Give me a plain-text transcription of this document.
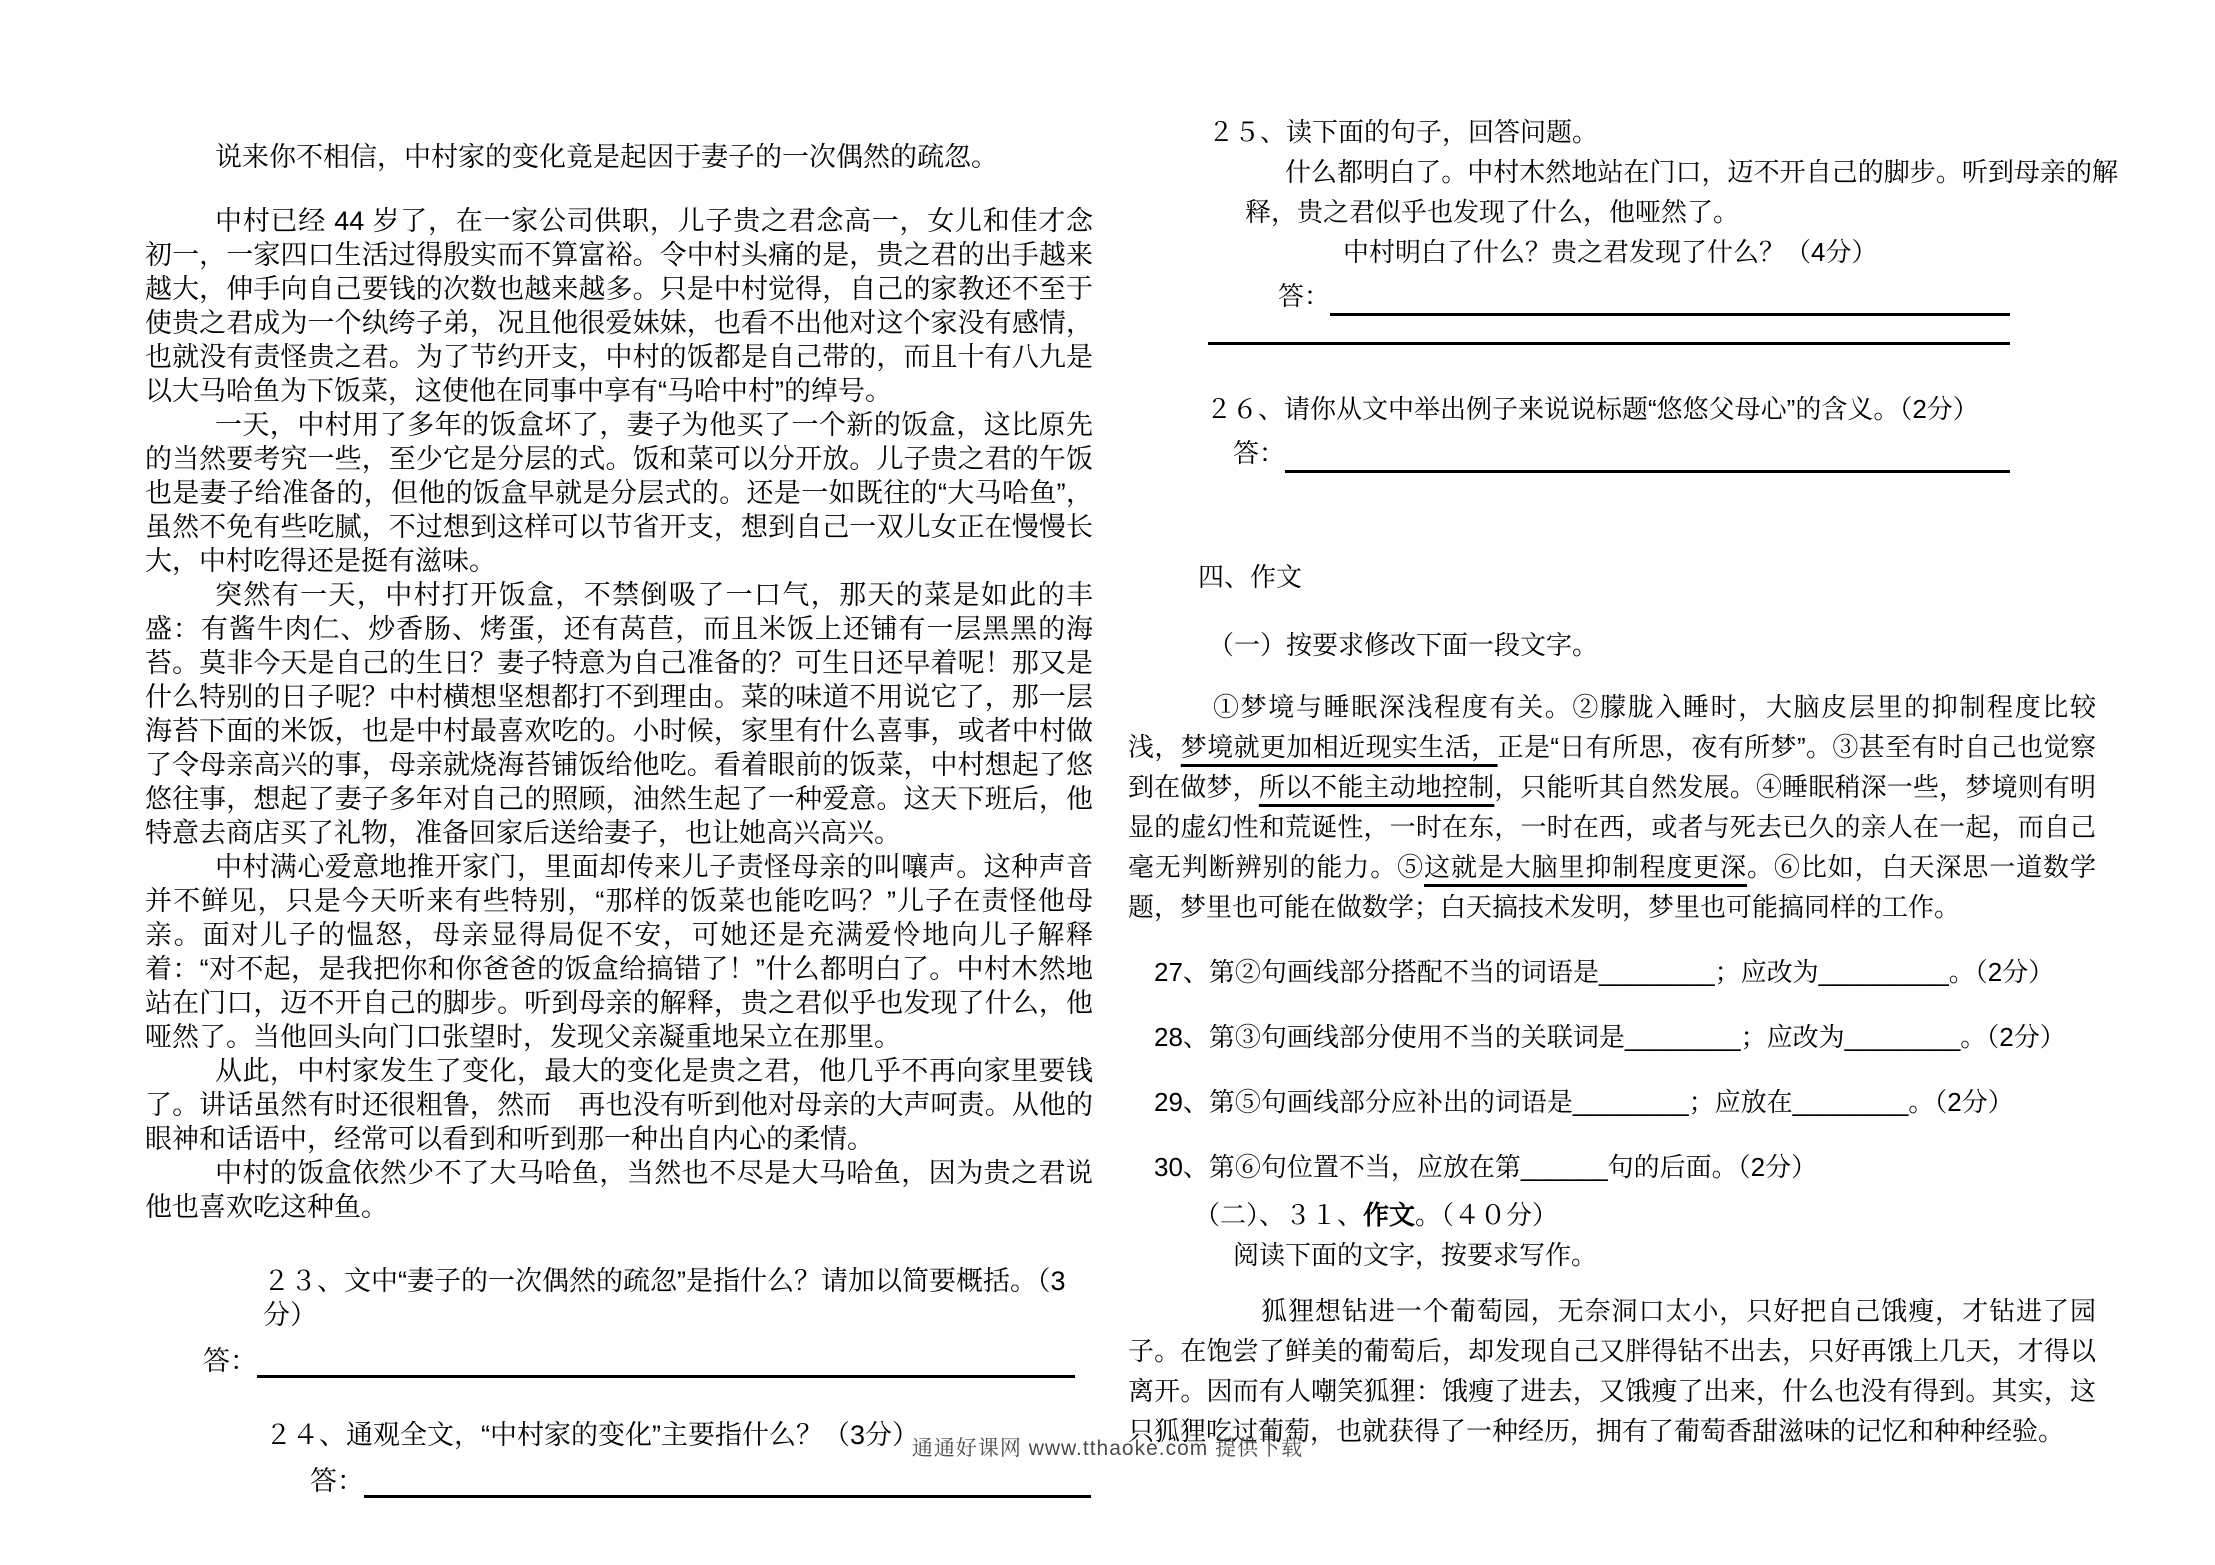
说来你不相信，中村家的变化竟是起因于妻子的一次偶然的疏忽。

中村已经 44 岁了，在一家公司供职，儿子贵之君念高一，女儿和佳才念初一，一家四口生活过得殷实而不算富裕。令中村头痛的是，贵之君的出手越来越大，伸手向自己要钱的次数也越来越多。只是中村觉得，自己的家教还不至于使贵之君成为一个纨绔子弟，况且他很爱妹妹，也看不出他对这个家没有感情，也就没有责怪贵之君。为了节约开支，中村的饭都是自己带的，而且十有八九是以大马哈鱼为下饭菜，这使他在同事中享有“马哈中村”的绰号。

一天，中村用了多年的饭盒坏了，妻子为他买了一个新的饭盒，这比原先的当然要考究一些，至少它是分层的式。饭和菜可以分开放。儿子贵之君的午饭也是妻子给准备的，但他的饭盒早就是分层式的。还是一如既往的“大马哈鱼”，虽然不免有些吃腻，不过想到这样可以节省开支，想到自己一双儿女正在慢慢长大，中村吃得还是挺有滋味。

突然有一天，中村打开饭盒，不禁倒吸了一口气，那天的菜是如此的丰盛：有酱牛肉仁、炒香肠、烤蛋，还有莴苣，而且米饭上还铺有一层黑黑的海苔。莫非今天是自己的生日？妻子特意为自己准备的？可生日还早着呢！那又是什么特别的日子呢？中村横想坚想都打不到理由。菜的味道不用说它了，那一层海苔下面的米饭，也是中村最喜欢吃的。小时候，家里有什么喜事，或者中村做了令母亲高兴的事，母亲就烧海苔铺饭给他吃。看着眼前的饭菜，中村想起了悠悠往事，想起了妻子多年对自己的照顾，油然生起了一种爱意。这天下班后，他特意去商店买了礼物，准备回家后送给妻子，也让她高兴高兴。

中村满心爱意地推开家门，里面却传来儿子责怪母亲的叫嚷声。这种声音并不鲜见，只是今天听来有些特别，“那样的饭菜也能吃吗？”儿子在责怪他母亲。面对儿子的愠怒，母亲显得局促不安，可她还是充满爱怜地向儿子解释着：“对不起，是我把你和你爸爸的饭盒给搞错了！”什么都明白了。中村木然地站在门口，迈不开自己的脚步。听到母亲的解释，贵之君似乎也发现了什么，他哑然了。当他回头向门口张望时，发现父亲凝重地呆立在那里。

从此，中村家发生了变化，最大的变化是贵之君，他几乎不再向家里要钱了。讲话虽然有时还很粗鲁，然而　再也没有听到他对母亲的大声呵责。从他的眼神和话语中，经常可以看到和听到那一种出自内心的柔情。

中村的饭盒依然少不了大马哈鱼，当然也不尽是大马哈鱼，因为贵之君说他也喜欢吃这种鱼。

２３、文中“妻子的一次偶然的疏忽”是指什么？请加以简要概括。（3分）

答：

２４、通观全文，“中村家的变化”主要指什么？（3分）

答：

２５、读下面的句子，回答问题。

什么都明白了。中村木然地站在门口，迈不开自己的脚步。听到母亲的解释，贵之君似乎也发现了什么，他哑然了。

中村明白了什么？贵之君发现了什么？（4分）

答：

２６、请你从文中举出例子来说说标题“悠悠父母心”的含义。（2分）

答：

四、作文

（一）按要求修改下面一段文字。

①梦境与睡眠深浅程度有关。②朦胧入睡时，大脑皮层里的抑制程度比较浅，梦境就更加相近现实生活，正是“日有所思，夜有所梦”。③甚至有时自己也觉察到在做梦，所以不能主动地控制，只能听其自然发展。④睡眠稍深一些，梦境则有明显的虚幻性和荒诞性，一时在东，一时在西，或者与死去已久的亲人在一起，而自己毫无判断辨别的能力。⑤这就是大脑里抑制程度更深。⑥比如，白天深思一道数学题，梦里也可能在做数学；白天搞技术发明，梦里也可能搞同样的工作。

27、第②句画线部分搭配不当的词语是________；应改为_________。（2分）

28、第③句画线部分使用不当的关联词是________；应改为________。（2分）

29、第⑤句画线部分应补出的词语是________；应放在________。（2分）

30、第⑥句位置不当，应放在第______句的后面。（2分）

（二）、３１、作文。（４０分）

阅读下面的文字，按要求写作。

狐狸想钻进一个葡萄园，无奈洞口太小，只好把自己饿瘦，才钻进了园子。在饱尝了鲜美的葡萄后，却发现自己又胖得钻不出去，只好再饿上几天，才得以离开。因而有人嘲笑狐狸：饿瘦了进去，又饿瘦了出来，什么也没有得到。其实，这只狐狸吃过葡萄，也就获得了一种经历，拥有了葡萄香甜滋味的记忆和种种经验。

通通好课网 www.tthaoke.com 提供下载
